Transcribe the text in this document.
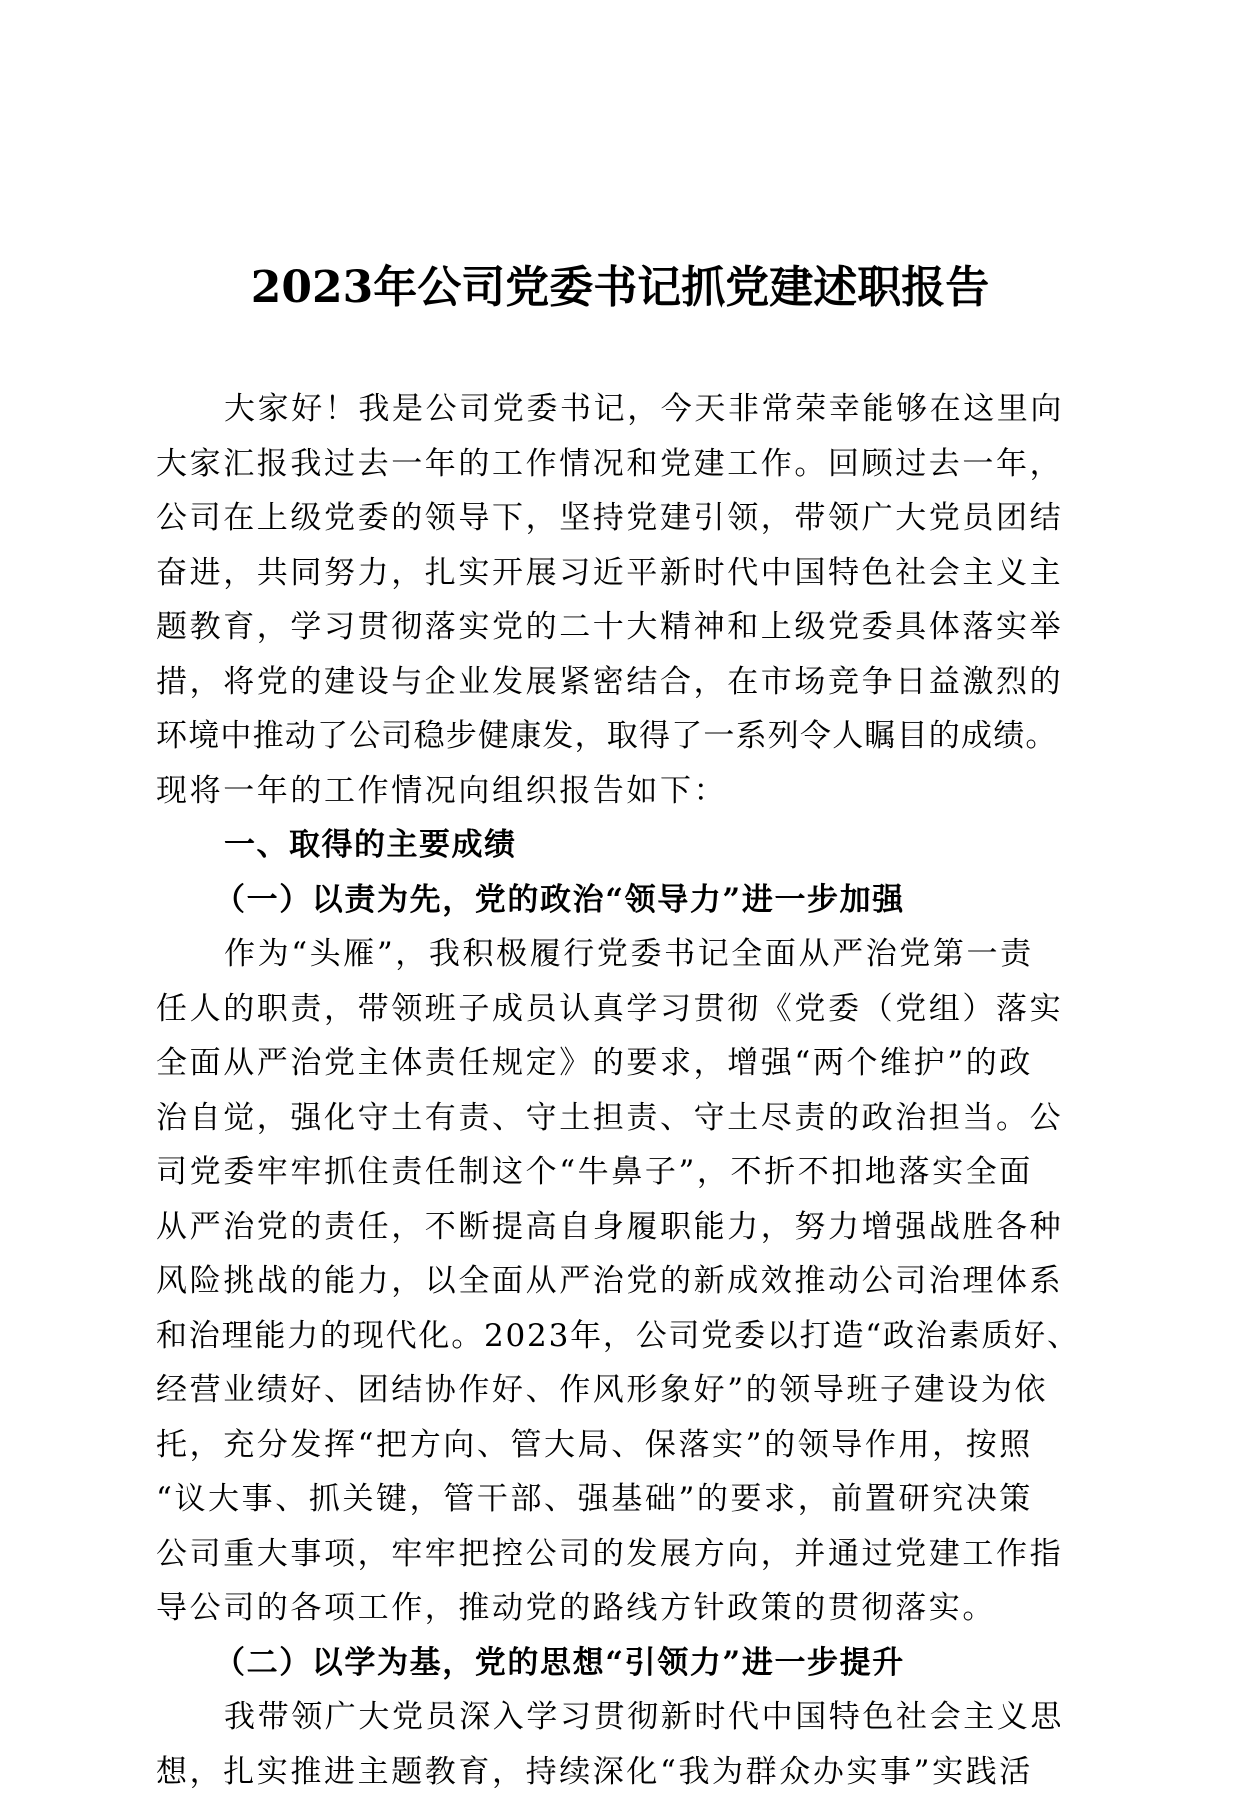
2023年公司党委书记抓党建述职报告
大家好！我是公司党委书记，今天非常荣幸能够在这里向
大家汇报我过去一年的工作情况和党建工作。回顾过去一年，
公司在上级党委的领导下，坚持党建引领，带领广大党员团结
奋进，共同努力，扎实开展习近平新时代中国特色社会主义主
题教育，学习贯彻落实党的二十大精神和上级党委具体落实举
措，将党的建设与企业发展紧密结合，在市场竞争日益激烈的
环境中推动了公司稳步健康发，取得了一系列令人瞩目的成绩。
现将一年的工作情况向组织报告如下：
一、取得的主要成绩
（一）以责为先，党的政治“领导力”进一步加强
作为“头雁”，我积极履行党委书记全面从严治党第一责
任人的职责，带领班子成员认真学习贯彻《党委（党组）落实
全面从严治党主体责任规定》的要求，增强“两个维护”的政
治自觉，强化守土有责、守土担责、守土尽责的政治担当。公
司党委牢牢抓住责任制这个“牛鼻子”，不折不扣地落实全面
从严治党的责任，不断提高自身履职能力，努力增强战胜各种
风险挑战的能力，以全面从严治党的新成效推动公司治理体系
和治理能力的现代化。2023年，公司党委以打造“政治素质好、
经营业绩好、团结协作好、作风形象好”的领导班子建设为依
托，充分发挥“把方向、管大局、保落实”的领导作用，按照
“议大事、抓关键，管干部、强基础”的要求，前置研究决策
公司重大事项，牢牢把控公司的发展方向，并通过党建工作指
导公司的各项工作，推动党的路线方针政策的贯彻落实。
（二）以学为基，党的思想“引领力”进一步提升
我带领广大党员深入学习贯彻新时代中国特色社会主义思
想，扎实推进主题教育，持续深化“我为群众办实事”实践活
